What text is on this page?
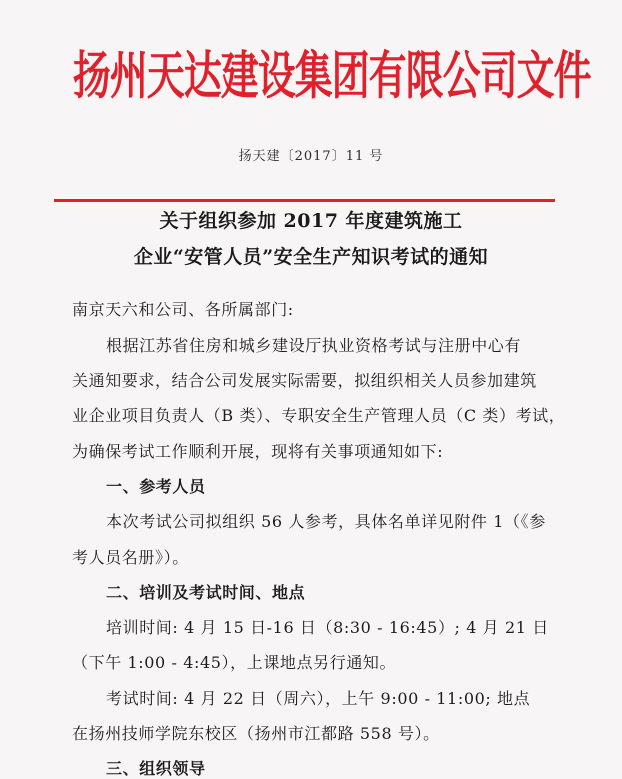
扬州天达建设集团有限公司文件
扬天建〔2017〕11 号
关于组织参加 2017 年度建筑施工
企业“安管人员”安全生产知识考试的通知
南京天六和公司、各所属部门:
根据江苏省住房和城乡建设厅执业资格考试与注册中心有
关通知要求，结合公司发展实际需要，拟组织相关人员参加建筑
业企业项目负责人（B 类）、专职安全生产管理人员（C 类）考试，
为确保考试工作顺利开展，现将有关事项通知如下:
一、参考人员
本次考试公司拟组织 56 人参考，具体名单详见附件 1（《参
考人员名册》）。
二、培训及考试时间、地点
培训时间: 4 月 15 日-16 日（8:30 - 16:45）; 4 月 21 日
（下午 1:00 - 4:45），上课地点另行通知。
考试时间: 4 月 22 日（周六），上午 9:00 - 11:00; 地点
在扬州技师学院东校区（扬州市江都路 558 号）。
三、组织领导
